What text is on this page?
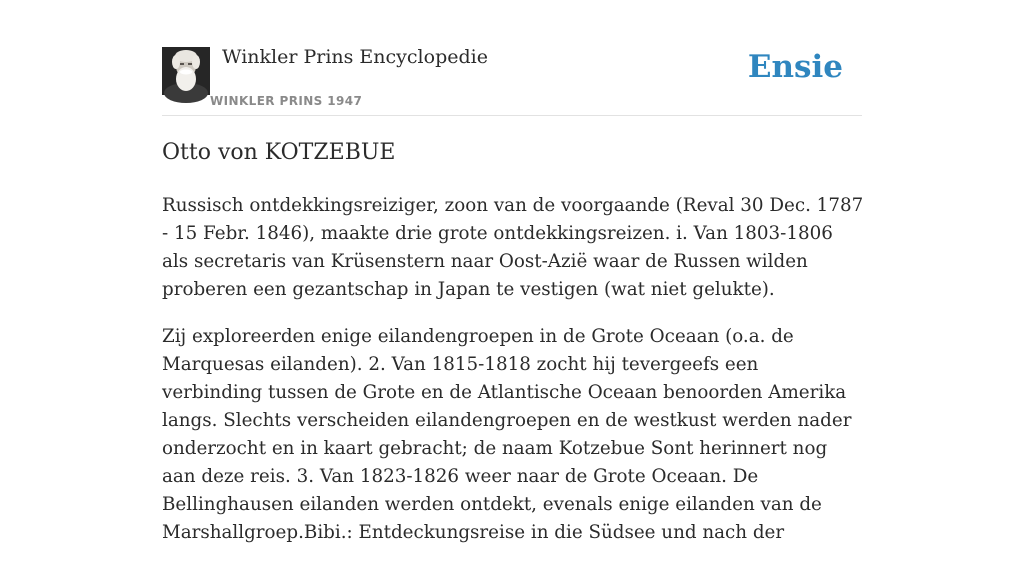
Winkler Prins Encyclopedie
WINKLER PRINS 1947
Ensie
Otto von KOTZEBUE

Russisch ontdekkingsreiziger, zoon van de voorgaande (Reval 30 Dec. 1787 - 15 Febr. 1846), maakte drie grote ontdekkingsreizen. i. Van 1803-1806 als secretaris van Krüsenstern naar Oost-Azië waar de Russen wilden proberen een gezantschap in Japan te vestigen (wat niet gelukte).

Zij exploreerden enige eilandengroepen in de Grote Oceaan (o.a. de Marquesas eilanden). 2. Van 1815-1818 zocht hij tevergeefs een verbinding tussen de Grote en de Atlantische Oceaan benoorden Amerika langs. Slechts verscheiden eilandengroepen en de westkust werden nader onderzocht en in kaart gebracht; de naam Kotzebue Sont herinnert nog aan deze reis. 3. Van 1823-1826 weer naar de Grote Oceaan. De Bellinghausen eilanden werden ontdekt, evenals enige eilanden van de Marshallgroep.Bibi.: Entdeckungsreise in die Südsee und nach der
